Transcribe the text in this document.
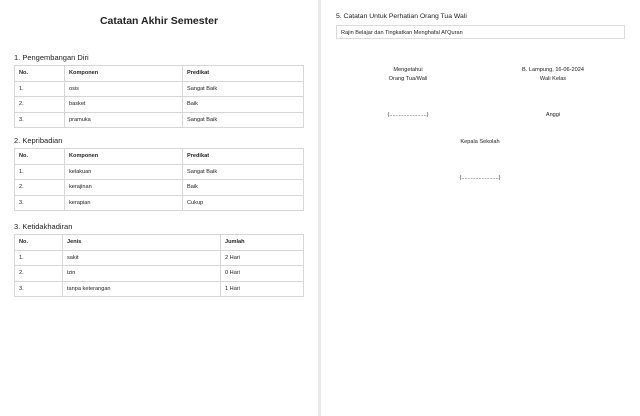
Catatan Akhir Semester
1. Pengembangan Diri
No.	Komponen	Predikat
1.	osis	Sangat Baik
2.	basket	Baik
3.	pramuka	Sangat Baik
2. Kepribadian
No.	Komponen	Predikat
1.	kelakuan	Sangat Baik
2.	kerajinan	Baik
3.	kerapian	Cukup
3. Ketidakhadiran
No.	Jenis	Jumlah
1.	sakit	2 Hari
2.	izin	0 Hari
3.	tanpa keterangan	1 Hari
5. Catatan Untuk Perhatian Orang Tua Wali
Rajin Belajar dan Tingkatkan Menghafal Al'Quran
Mengetahui
Orang Tua/Wali
B. Lampung, 16-06-2024
Wali Kelas
(........................)	Anggi
Kepala Sekolah
(........................)
